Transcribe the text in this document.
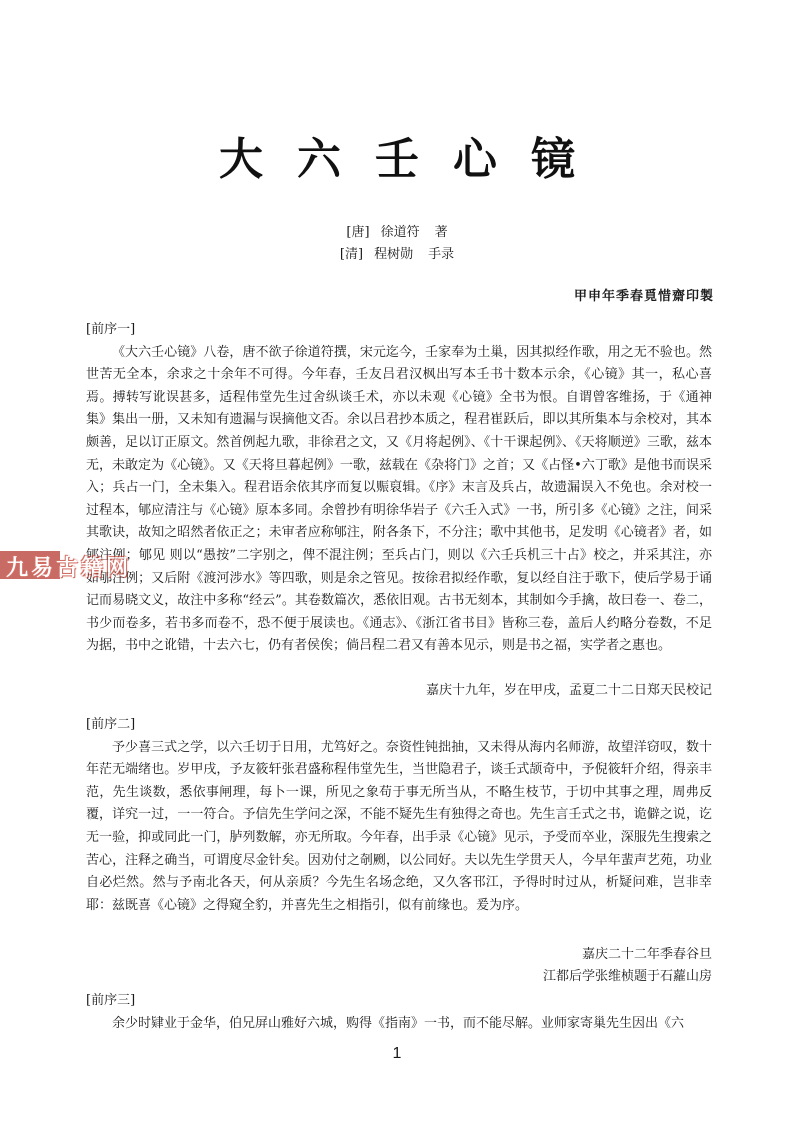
大六壬心镜
[唐] 徐道符 著
[清] 程树勋 手录
甲申年季春覓惜齋印製
[前序一]

《大六壬心镜》八卷，唐不欲子徐道符撰，宋元迄今，壬家奉为土巢，因其拟经作歌，用之无不验也。然世苦无全本，余求之十余年不可得。今年春，壬友吕君汉枫出写本壬书十数本示余，《心镜》其一，私心喜焉。搏转写讹误甚多，适程伟堂先生过舍纵谈壬术，亦以未观《心镜》全书为恨。自谓曾客维扬，于《通神集》集出一册，又未知有遗漏与误摘他文否。余以吕君抄本质之，程君崔跃后，即以其所集本与余校对，其本颇善，足以订正原文。然首例起九歌，非徐君之文，又《月将起例》、《十干课起例》、《天将顺逆》三歌，兹本无，未敢定为《心镜》。又《天将旦暮起例》一歌，兹载在《杂将门》之首；又《占怪•六丁歌》是他书而误采入；兵占一门，全未集入。程君语余依其序而复以赈裒辑。《序》末言及兵占，故遗漏误入不免也。余对校一过程本，郇应清注与《心镜》原本多同。余曾抄有明徐华岩子《六壬入式》一书，所引多《心镜》之注，间采其歌诀，故知之昭然者依正之；未审者应称郇注，附各条下，不分注；歌中其他书，足发明《心镜者》者，如郇注例；郇见 则以“愚按”二字别之，俾不混注例；至兵占门，则以《六壬兵机三十占》校之，并采其注，亦如郇注例；又后附《渡河涉水》等四歌，则是余之管见。按徐君拟经作歌，复以经自注于歌下，使后学易于诵记而易晓文义，故注中多称“经云”。其卷数篇次，悉依旧观。古书无刻本，其制如今手擒，故曰卷一、卷二，书少而卷多，若书多而卷不，恐不便于展读也。《通志》、《浙江省书目》皆称三卷，盖后人约略分卷数，不足为据，书中之讹错，十去六七，仍有者侯俟；倘吕程二君又有善本见示，则是书之福，实学者之惠也。

嘉庆十九年，岁在甲戌，孟夏二十二日郑天民校记
[前序二]

予少喜三式之学，以六壬切于日用，尤笃好之。奈资性钝拙抽，又未得从海内名师游，故望洋窃叹，数十年茫无端绪也。岁甲戌，予友筱轩张君盛称程伟堂先生，当世隐君子，谈壬式颉奇中，予倪筱轩介绍，得亲丰范，先生谈数，悉依事闸理，每卜一课，所见之象苟于事无所当从，不略生枝节，于切中其事之理，周弗反覆，详究一过，一一符合。予信先生学问之深，不能不疑先生有独得之奇也。先生言壬式之书，诡僻之说，讫无一验，抑或同此一门，胪列数解，亦无所取。今年春，出手录《心镜》见示，予受而卒业，深服先生搜索之苦心，注释之确当，可谓度尽金针矣。因劝付之剞劂，以公同好。夫以先生学贯天人，今早年蜚声艺苑，功业自必烂然。然与予南北各天，何从亲质？今先生名场念绝，又久客邗江，予得时时过从，析疑问难，岂非幸耶：兹既喜《心镜》之得窥全豹，并喜先生之相指引，似有前缘也。爰为序。

嘉庆二十二年季春谷旦
江都后学张维桢题于石蘿山房
[前序三]

余少时肄业于金华，伯兄屏山雅好六城，购得《指南》一书，而不能尽解。业师家寄巢先生因出《六

1
九易古籍网
